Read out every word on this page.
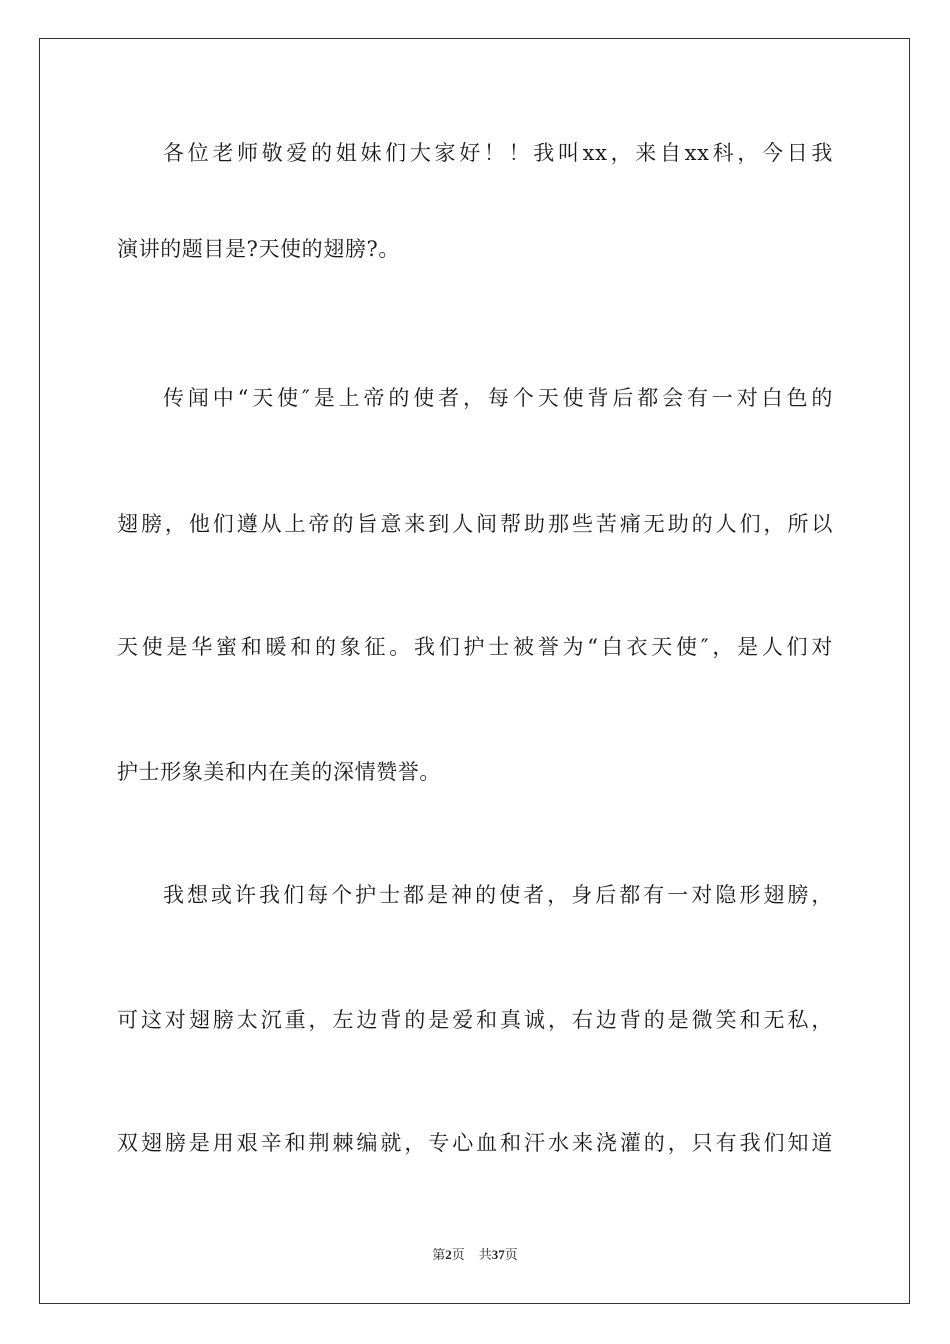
各位老师敬爱的姐妹们大家好！！我叫xx，来自xx科，今日我
演讲的题目是?天使的翅膀?。
传闻中“天使″是上帝的使者，每个天使背后都会有一对白色的
翅膀，他们遵从上帝的旨意来到人间帮助那些苦痛无助的人们，所以
天使是华蜜和暖和的象征。我们护士被誉为“白衣天使″，是人们对
护士形象美和内在美的深情赞誉。
我想或许我们每个护士都是神的使者，身后都有一对隐形翅膀，
可这对翅膀太沉重，左边背的是爱和真诚，右边背的是微笑和无私，
双翅膀是用艰辛和荆棘编就，专心血和汗水来浇灌的，只有我们知道
第2页 共37页
